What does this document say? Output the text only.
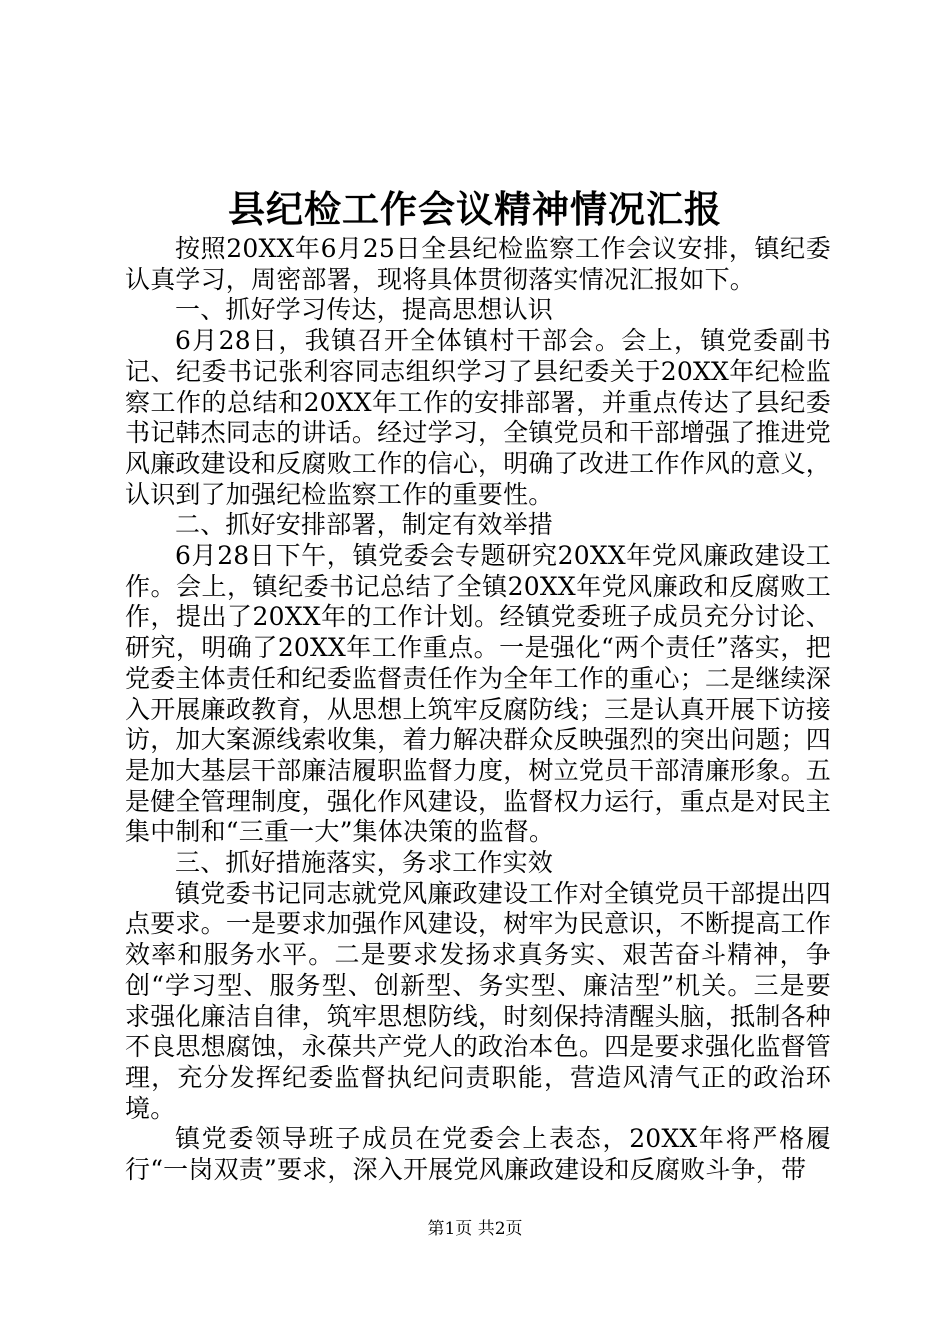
县纪检工作会议精神情况汇报

按照20XX年6月25日全县纪检监察工作会议安排，镇纪委认真学习，周密部署，现将具体贯彻落实情况汇报如下。

一、抓好学习传达，提高思想认识

6月28日，我镇召开全体镇村干部会。会上，镇党委副书记、纪委书记张利容同志组织学习了县纪委关于20XX年纪检监察工作的总结和20XX年工作的安排部署，并重点传达了县纪委书记韩杰同志的讲话。经过学习，全镇党员和干部增强了推进党风廉政建设和反腐败工作的信心，明确了改进工作作风的意义，认识到了加强纪检监察工作的重要性。

二、抓好安排部署，制定有效举措

6月28日下午，镇党委会专题研究20XX年党风廉政建设工作。会上，镇纪委书记总结了全镇20XX年党风廉政和反腐败工作，提出了20XX年的工作计划。经镇党委班子成员充分讨论、研究，明确了20XX年工作重点。一是强化“两个责任”落实，把党委主体责任和纪委监督责任作为全年工作的重心；二是继续深入开展廉政教育，从思想上筑牢反腐防线；三是认真开展下访接访，加大案源线索收集，着力解决群众反映强烈的突出问题；四是加大基层干部廉洁履职监督力度，树立党员干部清廉形象。五是健全管理制度，强化作风建设，监督权力运行，重点是对民主集中制和“三重一大”集体决策的监督。

三、抓好措施落实，务求工作实效

镇党委书记同志就党风廉政建设工作对全镇党员干部提出四点要求。一是要求加强作风建设，树牢为民意识，不断提高工作效率和服务水平。二是要求发扬求真务实、艰苦奋斗精神，争创“学习型、服务型、创新型、务实型、廉洁型”机关。三是要求强化廉洁自律，筑牢思想防线，时刻保持清醒头脑，抵制各种不良思想腐蚀，永葆共产党人的政治本色。四是要求强化监督管理，充分发挥纪委监督执纪问责职能，营造风清气正的政治环境。

镇党委领导班子成员在党委会上表态，20XX年将严格履行“一岗双责”要求，深入开展党风廉政建设和反腐败斗争，带

第1页 共2页
